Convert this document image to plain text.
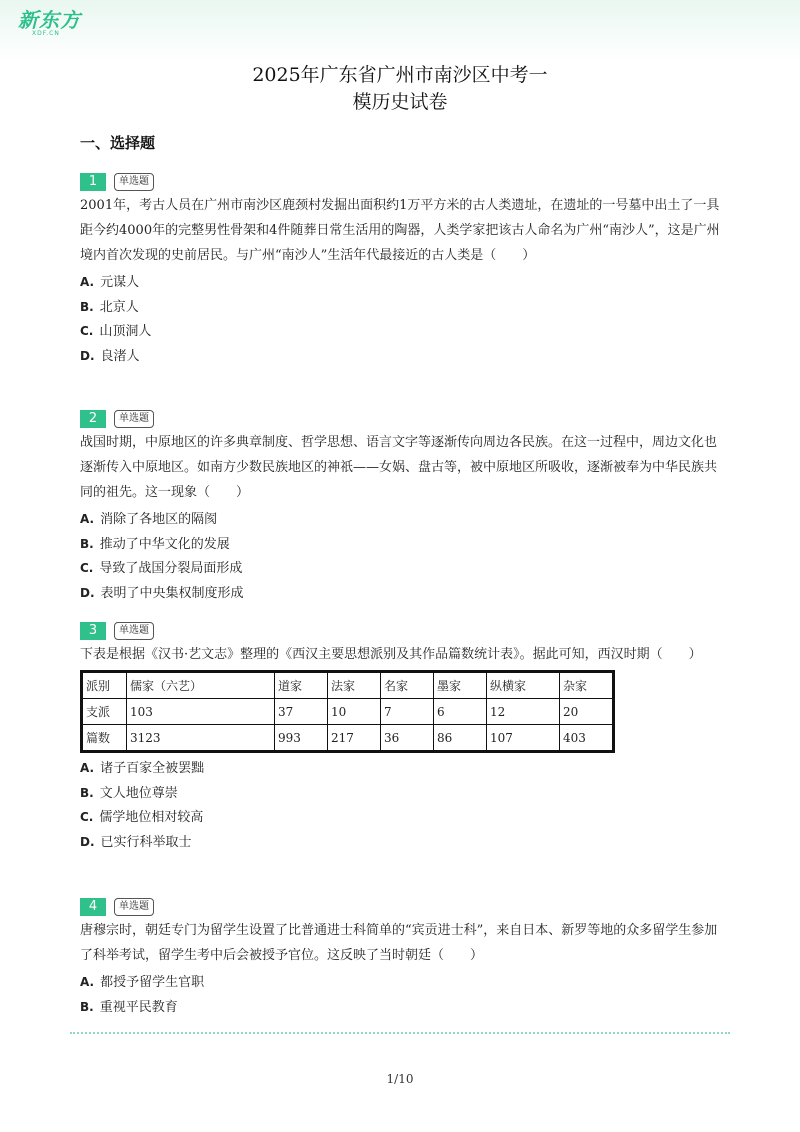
新东方
XDF.CN
2025年广东省广州市南沙区中考一
模历史试卷
一、选择题
1	单选题
2001年，考古人员在广州市南沙区鹿颈村发掘出面积约1万平方米的古人类遗址，在遗址的一号墓中出土了一具距今约4000年的完整男性骨架和4件随葬日常生活用的陶器，人类学家把该古人命名为广州“南沙人”，这是广州境内首次发现的史前居民。与广州“南沙人”生活年代最接近的古人类是（　　）
A. 元谋人
B. 北京人
C. 山顶洞人
D. 良渚人
2	单选题
战国时期，中原地区的许多典章制度、哲学思想、语言文字等逐渐传向周边各民族。在这一过程中，周边文化也逐渐传入中原地区。如南方少数民族地区的神祇——女娲、盘古等，被中原地区所吸收，逐渐被奉为中华民族共同的祖先。这一现象（　　）
A. 消除了各地区的隔阂
B. 推动了中华文化的发展
C. 导致了战国分裂局面形成
D. 表明了中央集权制度形成
3	单选题
下表是根据《汉书·艺文志》整理的《西汉主要思想派别及其作品篇数统计表》。据此可知，西汉时期（　　）
派别	儒家（六艺）	道家	法家	名家	墨家	纵横家	杂家
支派	103	37	10	7	6	12	20
篇数	3123	993	217	36	86	107	403
A. 诸子百家全被罢黜
B. 文人地位尊崇
C. 儒学地位相对较高
D. 已实行科举取士
4	单选题
唐穆宗时，朝廷专门为留学生设置了比普通进士科简单的“宾贡进士科”，来自日本、新罗等地的众多留学生参加了科举考试，留学生考中后会被授予官位。这反映了当时朝廷（　　）
A. 都授予留学生官职
B. 重视平民教育
1/10
